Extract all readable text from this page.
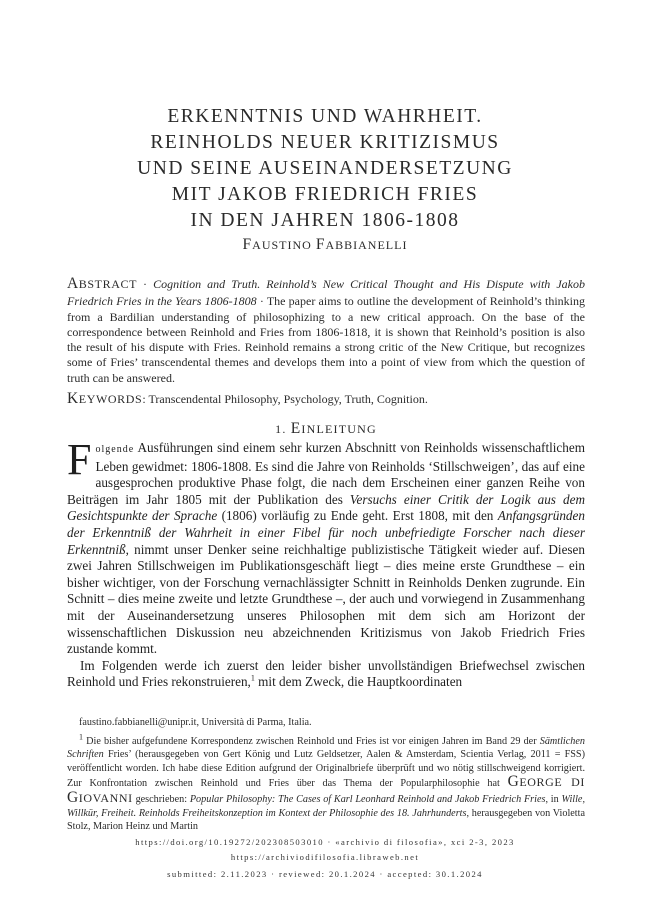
ERKENNTNIS UND WAHRHEIT.
REINHOLDS NEUER KRITIZISMUS
UND SEINE AUSEINANDERSETZUNG
MIT JAKOB FRIEDRICH FRIES
IN DEN JAHREN 1806-1808
FAUSTINO FABBIANELLI
ABSTRACT · Cognition and Truth. Reinhold’s New Critical Thought and His Dispute with Jakob Friedrich Fries in the Years 1806-1808 · The paper aims to outline the development of Reinhold’s thinking from a Bardilian understanding of philosophizing to a new critical approach. On the base of the correspondence between Reinhold and Fries from 1806-1818, it is shown that Reinhold’s position is also the result of his dispute with Fries. Reinhold remains a strong critic of the New Critique, but recognizes some of Fries’ transcendental themes and develops them into a point of view from which the question of truth can be answered.
KEYWORDS: Transcendental Philosophy, Psychology, Truth, Cognition.
1. EINLEITUNG

Folgende Ausführungen sind einem sehr kurzen Abschnitt von Reinholds wissenschaftlichem Leben gewidmet: 1806-1808. Es sind die Jahre von Reinholds ‘Stillschweigen’, das auf eine ausgesprochen produktive Phase folgt, die nach dem Erscheinen einer ganzen Reihe von Beiträgen im Jahr 1805 mit der Publikation des Versuchs einer Critik der Logik aus dem Gesichtspunkte der Sprache (1806) vorläufig zu Ende geht. Erst 1808, mit den Anfangsgründen der Erkenntniß der Wahrheit in einer Fibel für noch unbefriedigte Forscher nach dieser Erkenntniß, nimmt unser Denker seine reichhaltige publizistische Tätigkeit wieder auf. Diesen zwei Jahren Stillschweigen im Publikationsgeschäft liegt – dies meine erste Grundthese – ein bisher wichtiger, von der Forschung vernachlässigter Schnitt in Reinholds Denken zugrunde. Ein Schnitt – dies meine zweite und letzte Grundthese –, der auch und vorwiegend in Zusammenhang mit der Auseinandersetzung unseres Philosophen mit dem sich am Horizont der wissenschaftlichen Diskussion neu abzeichnenden Kritizismus von Jakob Friedrich Fries zustande kommt.

Im Folgenden werde ich zuerst den leider bisher unvollständigen Briefwechsel zwischen Reinhold und Fries rekonstruieren,$^1$ mit dem Zweck, die Hauptkoordinaten

faustino.fabbianelli@unipr.it, Università di Parma, Italia.

$^1$ Die bisher aufgefundene Korrespondenz zwischen Reinhold und Fries ist vor einigen Jahren im Band 29 der Sämtlichen Schriften Fries’ (herausgegeben von Gert König und Lutz Geldsetzer, Aalen & Amsterdam, Scientia Verlag, 2011 = FSS) veröffentlicht worden. Ich habe diese Edition aufgrund der Originalbriefe überprüft und wo nötig stillschweigend korrigiert. Zur Konfrontation zwischen Reinhold und Fries über das Thema der Popularphilosophie hat GEORGE DI GIOVANNI geschrieben: Popular Philosophy: The Cases of Karl Leonhard Reinhold and Jakob Friedrich Fries, in Wille, Willkür, Freiheit. Reinholds Freiheitskonzeption im Kontext der Philosophie des 18. Jahrhunderts, herausgegeben von Violetta Stolz, Marion Heinz und Martin

https://doi.org/10.19272/202308503010 · «archivio di filosofia», xci 2-3, 2023
https://archiviodifilosofia.libraweb.net
submitted: 2.11.2023 · reviewed: 20.1.2024 · accepted: 30.1.2024
